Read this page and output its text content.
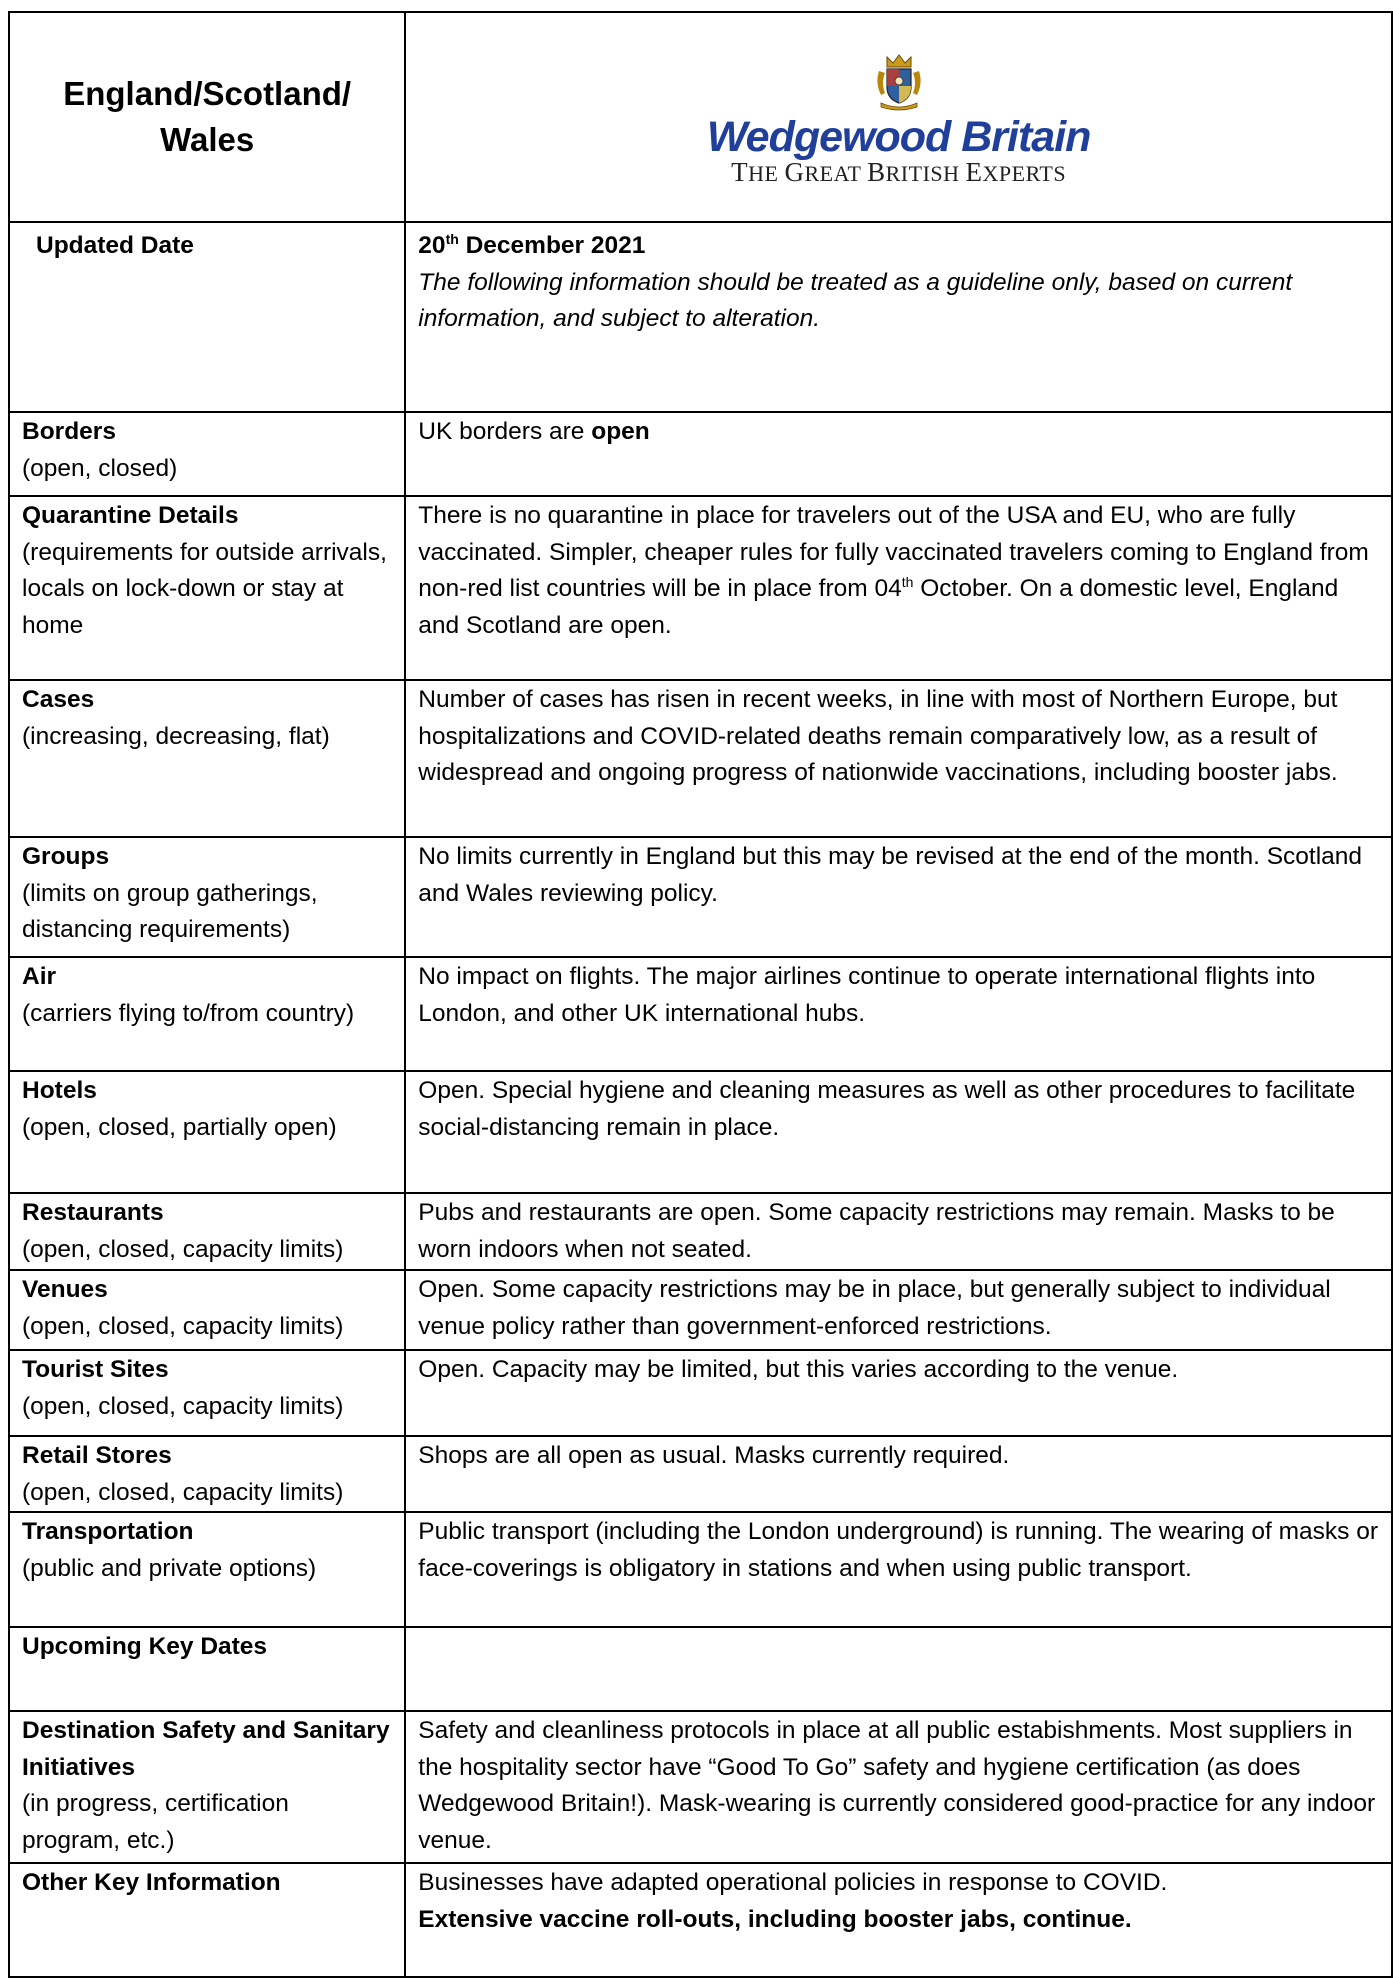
England/Scotland/ Wales	Wedgewood Britain
THE GREAT BRITISH EXPERTS

Updated Date	20th December 2021
The following information should be treated as a guideline only, based on current information, and subject to alteration.

Borders
(open, closed)	UK borders are open

Quarantine Details
(requirements for outside arrivals, locals on lock-down or stay at home	There is no quarantine in place for travelers out of the USA and EU, who are fully vaccinated. Simpler, cheaper rules for fully vaccinated travelers coming to England from non-red list countries will be in place from 04th October. On a domestic level, England and Scotland are open.

Cases
(increasing, decreasing, flat)	Number of cases has risen in recent weeks, in line with most of Northern Europe, but hospitalizations and COVID-related deaths remain comparatively low, as a result of widespread and ongoing progress of nationwide vaccinations, including booster jabs.

Groups
(limits on group gatherings, distancing requirements)	No limits currently in England but this may be revised at the end of the month. Scotland and Wales reviewing policy.

Air
(carriers flying to/from country)	No impact on flights. The major airlines continue to operate international flights into London, and other UK international hubs.

Hotels
(open, closed, partially open)	Open. Special hygiene and cleaning measures as well as other procedures to facilitate social-distancing remain in place.

Restaurants
(open, closed, capacity limits)	Pubs and restaurants are open. Some capacity restrictions may remain. Masks to be worn indoors when not seated.

Venues
(open, closed, capacity limits)	Open. Some capacity restrictions may be in place, but generally subject to individual venue policy rather than government-enforced restrictions.

Tourist Sites
(open, closed, capacity limits)	Open. Capacity may be limited, but this varies according to the venue.

Retail Stores
(open, closed, capacity limits)	Shops are all open as usual. Masks currently required.

Transportation
(public and private options)	Public transport (including the London underground) is running. The wearing of masks or face-coverings is obligatory in stations and when using public transport.

Upcoming Key Dates	

Destination Safety and Sanitary Initiatives
(in progress, certification program, etc.)	Safety and cleanliness protocols in place at all public estabishments. Most suppliers in the hospitality sector have “Good To Go” safety and hygiene certification (as does Wedgewood Britain!). Mask-wearing is currently considered good-practice for any indoor venue.

Other Key Information	Businesses have adapted operational policies in response to COVID.
Extensive vaccine roll-outs, including booster jabs, continue.
